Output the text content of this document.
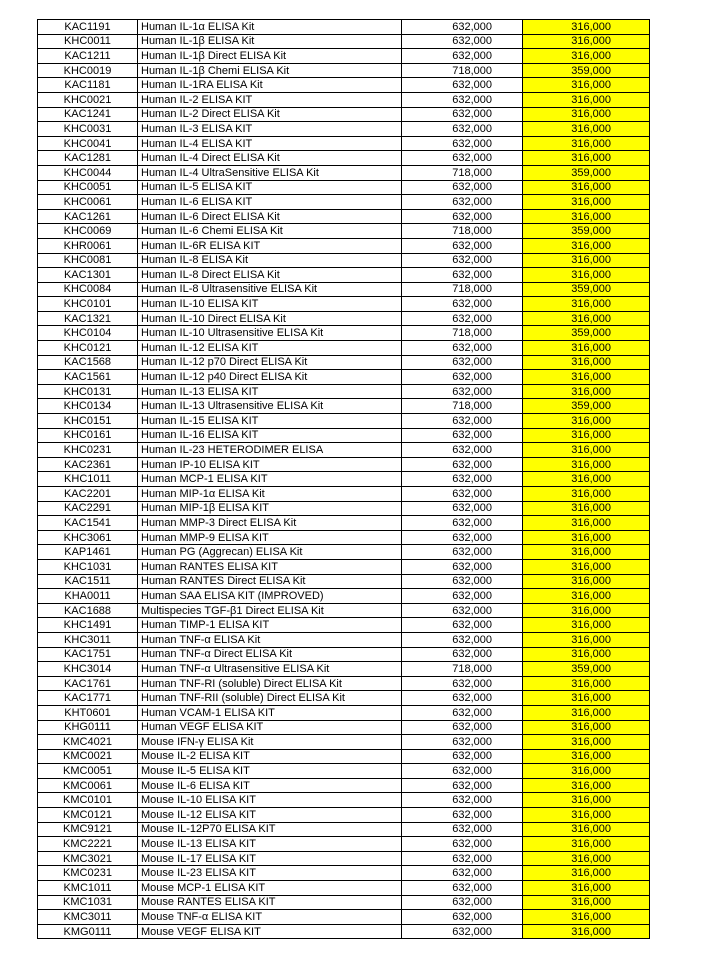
KAC1191	Human IL-1α ELISA Kit	632,000	316,000
KHC0011	Human IL-1β ELISA Kit	632,000	316,000
KAC1211	Human IL-1β Direct ELISA Kit	632,000	316,000
KHC0019	Human IL-1β Chemi ELISA Kit	718,000	359,000
KAC1181	Human IL-1RA ELISA Kit	632,000	316,000
KHC0021	Human IL-2 ELISA KIT	632,000	316,000
KAC1241	Human IL-2 Direct ELISA Kit	632,000	316,000
KHC0031	Human IL-3 ELISA KIT	632,000	316,000
KHC0041	Human IL-4 ELISA KIT	632,000	316,000
KAC1281	Human IL-4 Direct ELISA Kit	632,000	316,000
KHC0044	Human IL-4 UltraSensitive ELISA Kit	718,000	359,000
KHC0051	Human IL-5 ELISA KIT	632,000	316,000
KHC0061	Human IL-6 ELISA KIT	632,000	316,000
KAC1261	Human IL-6 Direct ELISA Kit	632,000	316,000
KHC0069	Human IL-6 Chemi ELISA Kit	718,000	359,000
KHR0061	Human IL-6R ELISA KIT	632,000	316,000
KHC0081	Human IL-8 ELISA Kit	632,000	316,000
KAC1301	Human IL-8 Direct ELISA Kit	632,000	316,000
KHC0084	Human IL-8 Ultrasensitive ELISA Kit	718,000	359,000
KHC0101	Human IL-10 ELISA KIT	632,000	316,000
KAC1321	Human IL-10 Direct ELISA Kit	632,000	316,000
KHC0104	Human IL-10 Ultrasensitive ELISA Kit	718,000	359,000
KHC0121	Human IL-12 ELISA KIT	632,000	316,000
KAC1568	Human IL-12 p70 Direct ELISA Kit	632,000	316,000
KAC1561	Human IL-12 p40 Direct ELISA Kit	632,000	316,000
KHC0131	Human IL-13 ELISA KIT	632,000	316,000
KHC0134	Human IL-13 Ultrasensitive ELISA Kit	718,000	359,000
KHC0151	Human IL-15 ELISA KIT	632,000	316,000
KHC0161	Human IL-16 ELISA KIT	632,000	316,000
KHC0231	Human IL-23 HETERODIMER ELISA	632,000	316,000
KAC2361	Human IP-10 ELISA KIT	632,000	316,000
KHC1011	Human MCP-1 ELISA KIT	632,000	316,000
KAC2201	Human MIP-1α ELISA Kit	632,000	316,000
KAC2291	Human MIP-1β ELISA KIT	632,000	316,000
KAC1541	Human MMP-3 Direct ELISA Kit	632,000	316,000
KHC3061	Human MMP-9 ELISA KIT	632,000	316,000
KAP1461	Human PG (Aggrecan) ELISA Kit	632,000	316,000
KHC1031	Human RANTES ELISA KIT	632,000	316,000
KAC1511	Human RANTES Direct ELISA Kit	632,000	316,000
KHA0011	Human SAA ELISA KIT (IMPROVED)	632,000	316,000
KAC1688	Multispecies TGF-β1 Direct ELISA Kit	632,000	316,000
KHC1491	Human TIMP-1 ELISA KIT	632,000	316,000
KHC3011	Human TNF-α ELISA Kit	632,000	316,000
KAC1751	Human TNF-α Direct ELISA Kit	632,000	316,000
KHC3014	Human TNF-α Ultrasensitive ELISA Kit	718,000	359,000
KAC1761	Human TNF-RI (soluble) Direct ELISA Kit	632,000	316,000
KAC1771	Human TNF-RII (soluble) Direct ELISA Kit	632,000	316,000
KHT0601	Human VCAM-1 ELISA KIT	632,000	316,000
KHG0111	Human VEGF ELISA KIT	632,000	316,000
KMC4021	Mouse IFN-γ ELISA Kit	632,000	316,000
KMC0021	Mouse IL-2 ELISA KIT	632,000	316,000
KMC0051	Mouse IL-5 ELISA KIT	632,000	316,000
KMC0061	Mouse IL-6 ELISA KIT	632,000	316,000
KMC0101	Mouse IL-10 ELISA KIT	632,000	316,000
KMC0121	Mouse IL-12 ELISA KIT	632,000	316,000
KMC9121	Mouse IL-12P70 ELISA KIT	632,000	316,000
KMC2221	Mouse IL-13 ELISA KIT	632,000	316,000
KMC3021	Mouse IL-17 ELISA KIT	632,000	316,000
KMC0231	Mouse IL-23 ELISA KIT	632,000	316,000
KMC1011	Mouse MCP-1 ELISA KIT	632,000	316,000
KMC1031	Mouse RANTES ELISA KIT	632,000	316,000
KMC3011	Mouse TNF-α ELISA KIT	632,000	316,000
KMG0111	Mouse VEGF ELISA KIT	632,000	316,000
